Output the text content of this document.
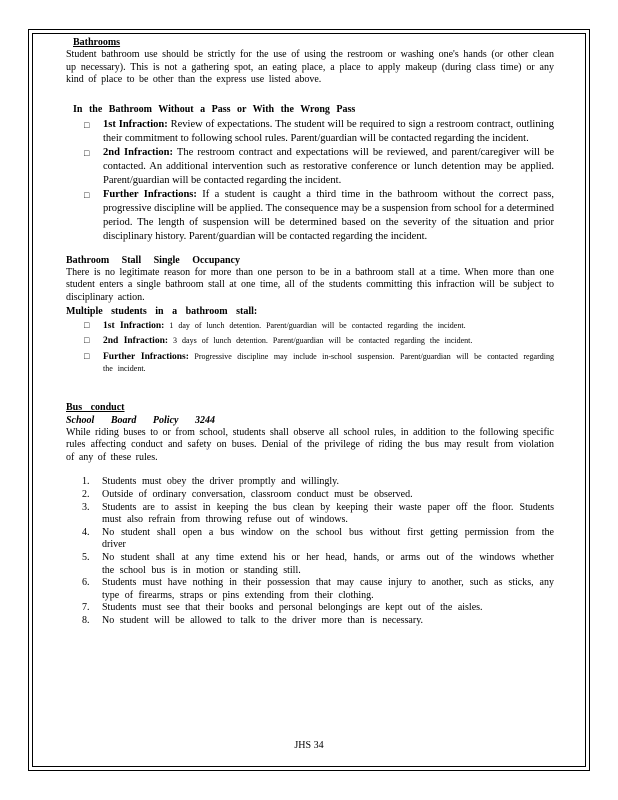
Bathrooms
Student bathroom use should be strictly for the use of using the restroom or washing one's hands (or other clean up necessary). This is not a gathering spot, an eating place, a place to apply makeup (during class time) or any kind of place to be other than the express use listed above.
In the Bathroom Without a Pass or With the Wrong Pass
□ 1st Infraction: Review of expectations. The student will be required to sign a restroom contract, outlining their commitment to following school rules. Parent/guardian will be contacted regarding the incident.
□ 2nd Infraction: The restroom contract and expectations will be reviewed, and parent/caregiver will be contacted. An additional intervention such as restorative conference or lunch detention may be applied. Parent/guardian will be contacted regarding the incident.
□ Further Infractions: If a student is caught a third time in the bathroom without the correct pass, progressive discipline will be applied. The consequence may be a suspension from school for a determined period. The length of suspension will be determined based on the severity of the situation and prior disciplinary history. Parent/guardian will be contacted regarding the incident.
Bathroom Stall Single Occupancy
There is no legitimate reason for more than one person to be in a bathroom stall at a time. When more than one student enters a single bathroom stall at one time, all of the students committing this infraction will be subject to disciplinary action.
Multiple students in a bathroom stall:
□ 1st Infraction: 1 day of lunch detention. Parent/guardian will be contacted regarding the incident.
□ 2nd Infraction: 3 days of lunch detention. Parent/guardian will be contacted regarding the incident.
□ Further Infractions: Progressive discipline may include in-school suspension. Parent/guardian will be contacted regarding the incident.
Bus conduct
School Board Policy 3244
While riding buses to or from school, students shall observe all school rules, in addition to the following specific rules affecting conduct and safety on buses. Denial of the privilege of riding the bus may result from violation of any of these rules.
1. Students must obey the driver promptly and willingly.
2. Outside of ordinary conversation, classroom conduct must be observed.
3. Students are to assist in keeping the bus clean by keeping their waste paper off the floor. Students must also refrain from throwing refuse out of windows.
4. No student shall open a bus window on the school bus without first getting permission from the driver
5. No student shall at any time extend his or her head, hands, or arms out of the windows whether the school bus is in motion or standing still.
6. Students must have nothing in their possession that may cause injury to another, such as sticks, any type of firearms, straps or pins extending from their clothing.
7. Students must see that their books and personal belongings are kept out of the aisles.
8. No student will be allowed to talk to the driver more than is necessary.
JHS 34
